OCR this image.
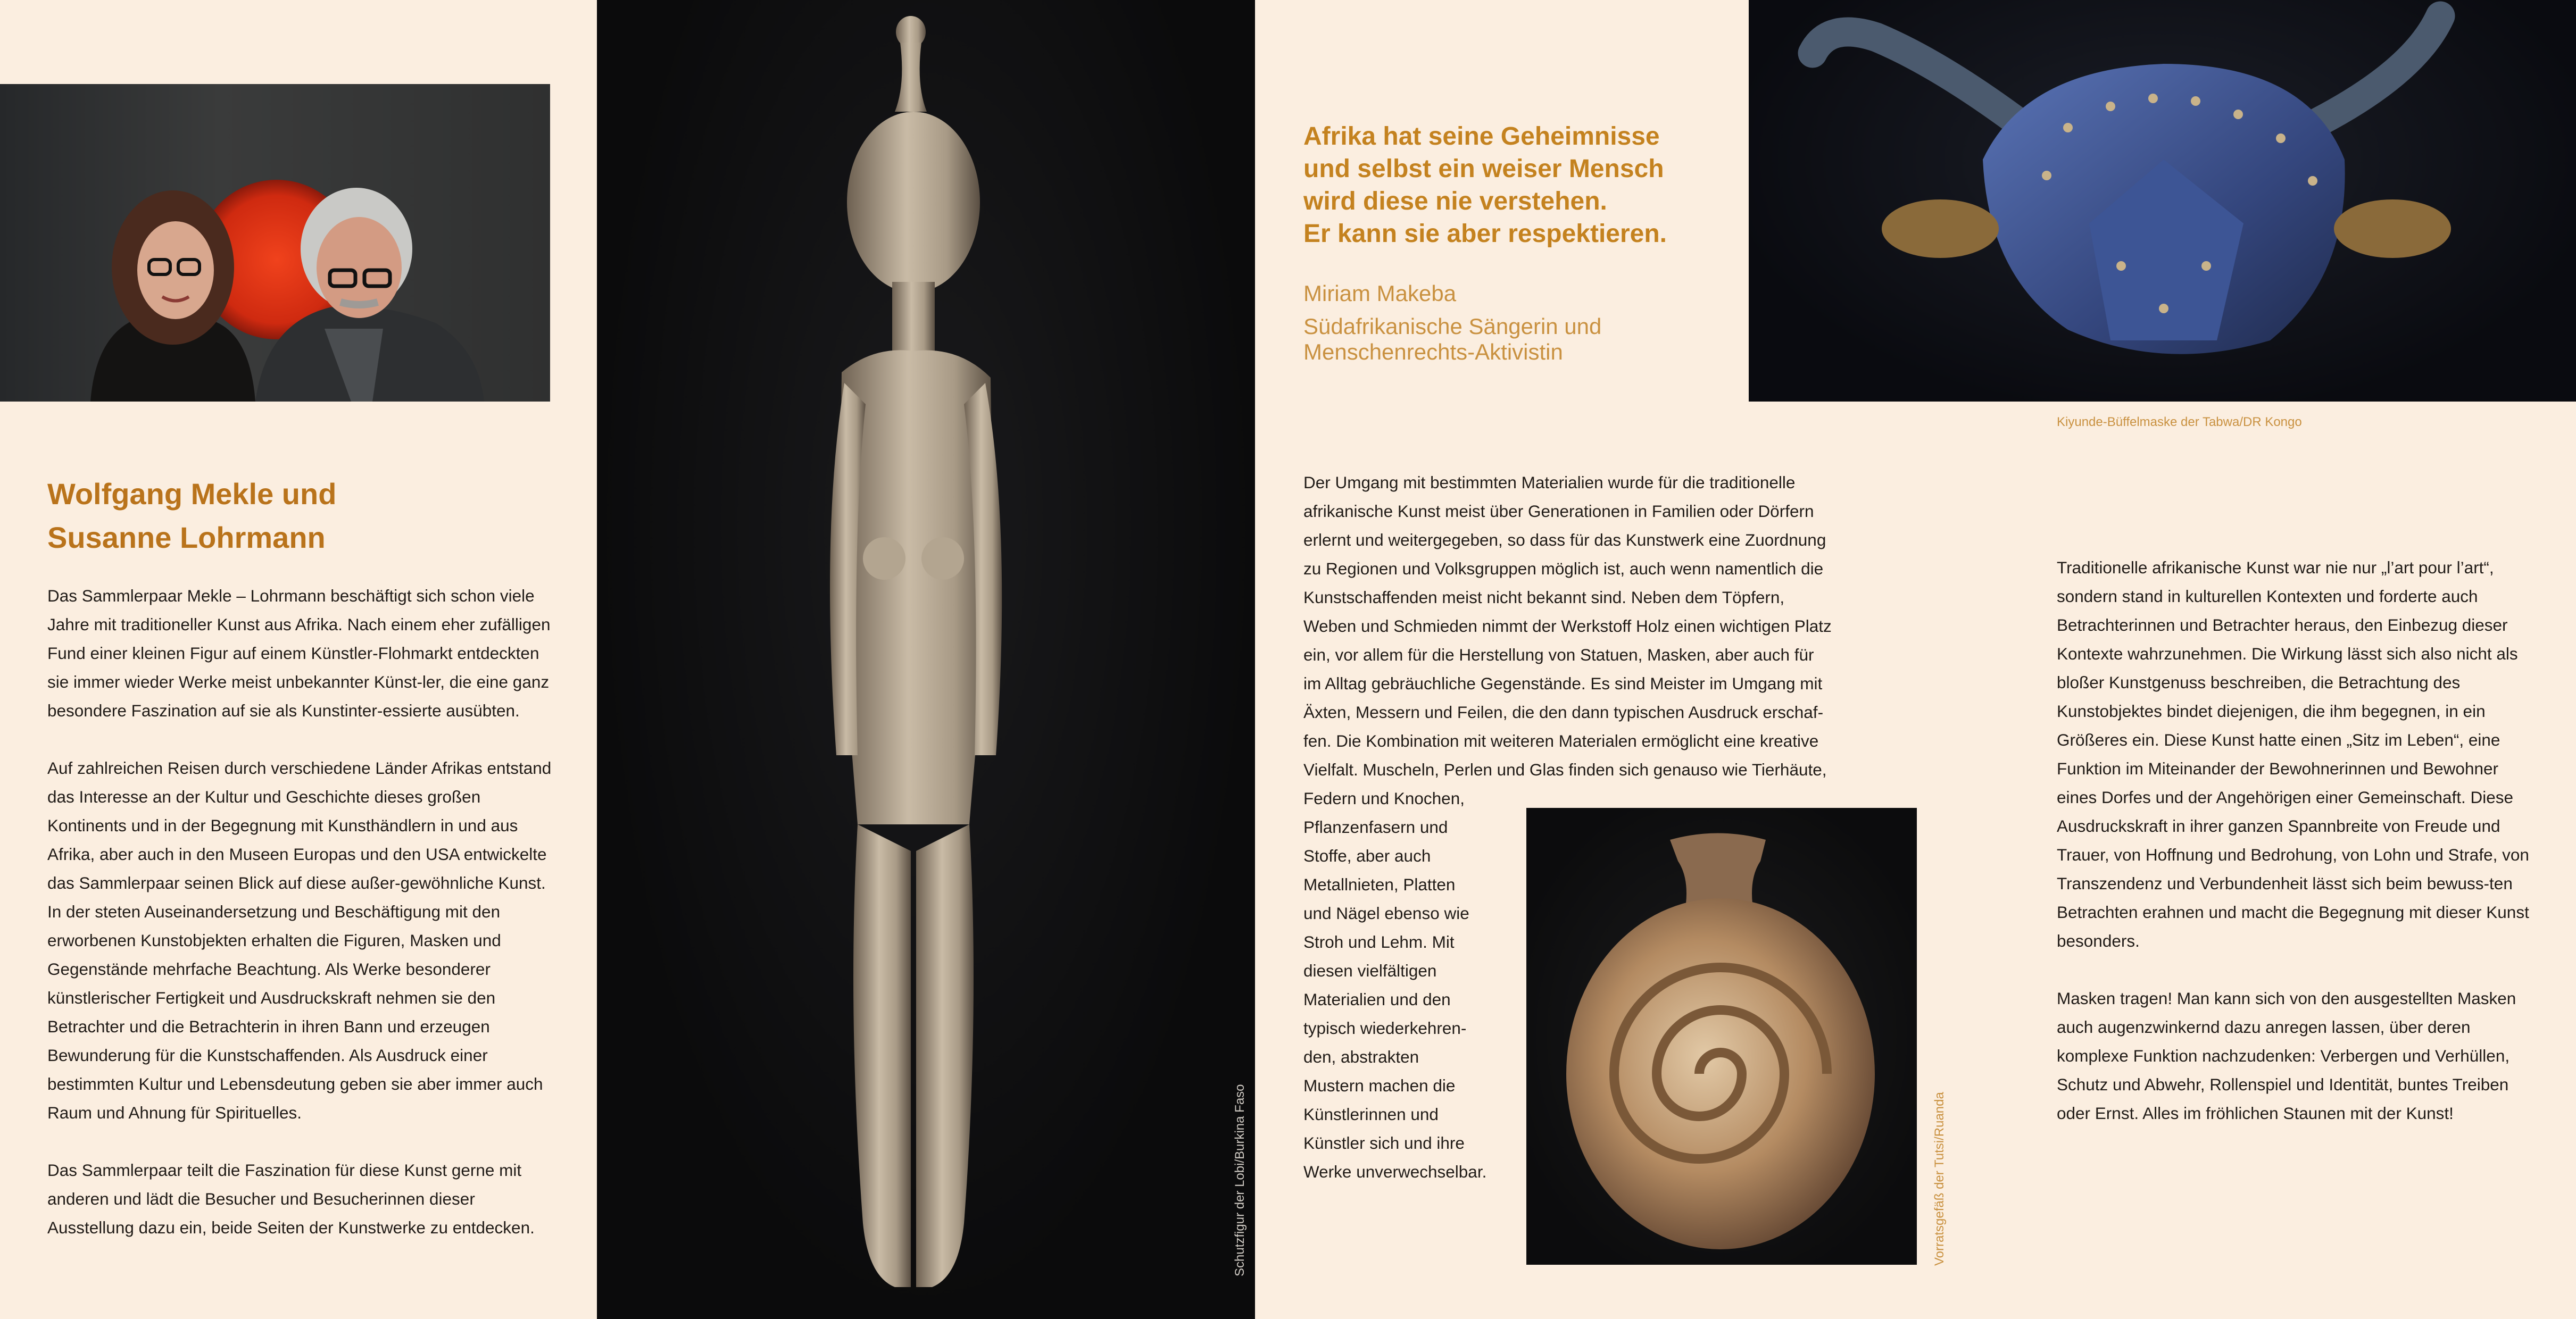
Wolfgang Mekle und
Susanne Lohrmann

Das Sammlerpaar Mekle – Lohrmann beschäftigt sich schon viele Jahre mit traditioneller Kunst aus Afrika. Nach einem eher zufälligen Fund einer kleinen Figur auf einem Künstler-Flohmarkt entdeckten sie immer wieder Werke meist unbekannter Künst-ler, die eine ganz besondere Faszination auf sie als Kunstinter-essierte ausübten.

Auf zahlreichen Reisen durch verschiedene Länder Afrikas entstand das Interesse an der Kultur und Geschichte dieses großen Kontinents und in der Begegnung mit Kunsthändlern in und aus Afrika, aber auch in den Museen Europas und den USA entwickelte das Sammlerpaar seinen Blick auf diese außer-gewöhnliche Kunst. In der steten Auseinandersetzung und Beschäftigung mit den erworbenen Kunstobjekten erhalten die Figuren, Masken und Gegenstände mehrfache Beachtung. Als Werke besonderer künstlerischer Fertigkeit und Ausdruckskraft nehmen sie den Betrachter und die Betrachterin in ihren Bann und erzeugen Bewunderung für die Kunstschaffenden. Als Ausdruck einer bestimmten Kultur und Lebensdeutung geben sie aber immer auch Raum und Ahnung für Spirituelles.

Das Sammlerpaar teilt die Faszination für diese Kunst gerne mit anderen und lädt die Besucher und Besucherinnen dieser Ausstellung dazu ein, beide Seiten der Kunstwerke zu entdecken.	Schutzfigur der Lobi/Burkina Faso
Afrika hat seine Geheimnisse
und selbst ein weiser Mensch
wird diese nie verstehen.
Er kann sie aber respektieren.
Miriam Makeba
Südafrikanische Sängerin und
Menschenrechts-Aktivistin
Kiyunde-Büffelmaske der Tabwa/DR Kongo
Der Umgang mit bestimmten Materialien wurde für die traditionelle
afrikanische Kunst meist über Generationen in Familien oder Dörfern
erlernt und weitergegeben, so dass für das Kunstwerk eine Zuordnung
zu Regionen und Volksgruppen möglich ist, auch wenn namentlich die
Kunstschaffenden meist nicht bekannt sind. Neben dem Töpfern,
Weben und Schmieden nimmt der Werkstoff Holz einen wichtigen Platz
ein, vor allem für die Herstellung von Statuen, Masken, aber auch für
im Alltag gebräuchliche Gegenstände. Es sind Meister im Umgang mit
Äxten, Messern und Feilen, die den dann typischen Ausdruck erschaf-
fen. Die Kombination mit weiteren Materialen ermöglicht eine kreative
Vielfalt. Muscheln, Perlen und Glas finden sich genauso wie Tierhäute,
Federn und Knochen,
Pflanzenfasern und
Stoffe, aber auch
Metallnieten, Platten
und Nägel ebenso wie
Stroh und Lehm. Mit
diesen vielfältigen
Materialien und den
typisch wiederkehren-
den, abstrakten
Mustern machen die
Künstlerinnen und
Künstler sich und ihre
Werke unverwechselbar.	Vorratsgefäß der Tutsi/Ruanda

Traditionelle afrikanische Kunst war nie nur „l’art pour l’art“, sondern stand in kulturellen Kontexten und forderte auch Betrachterinnen und Betrachter heraus, den Einbezug dieser Kontexte wahrzunehmen. Die Wirkung lässt sich also nicht als bloßer Kunstgenuss beschreiben, die Betrachtung des Kunstobjektes bindet diejenigen, die ihm begegnen, in ein Größeres ein. Diese Kunst hatte einen „Sitz im Leben“, eine Funktion im Miteinander der Bewohnerinnen und Bewohner eines Dorfes und der Angehörigen einer Gemeinschaft. Diese Ausdruckskraft in ihrer ganzen Spannbreite von Freude und Trauer, von Hoffnung und Bedrohung, von Lohn und Strafe, von Transzendenz und Verbundenheit lässt sich beim bewuss-ten Betrachten erahnen und macht die Begegnung mit dieser Kunst besonders.

Masken tragen! Man kann sich von den ausgestellten Masken auch augenzwinkernd dazu anregen lassen, über deren komplexe Funktion nachzudenken: Verbergen und Verhüllen, Schutz und Abwehr, Rollenspiel und Identität, buntes Treiben oder Ernst. Alles im fröhlichen Staunen mit der Kunst!
